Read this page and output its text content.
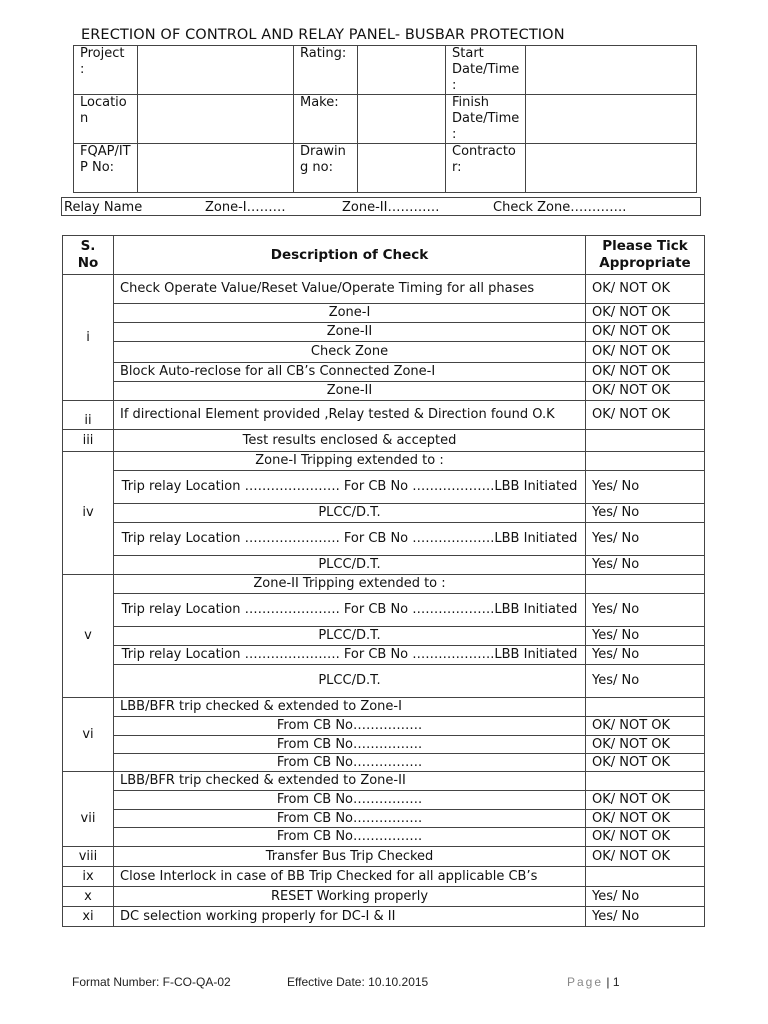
ERECTION OF CONTROL AND RELAY PANEL- BUSBAR PROTECTION
Project :		Rating:		Start Date/Time :	
Location		Make:		Finish Date/Time :	
FQAP/ITP No:		Drawing no:		Contractor:	
Relay Name	Zone-I………	Zone-II…………	Check Zone………….
S. No	Description of Check	Please Tick Appropriate
i	Check Operate Value/Reset Value/Operate Timing for all phases	OK/ NOT OK
	Zone-I	OK/ NOT OK
	Zone-II	OK/ NOT OK
	Check Zone	OK/ NOT OK
	Block Auto-reclose for all CB’s Connected Zone-I	OK/ NOT OK
	Zone-II	OK/ NOT OK
ii	If directional Element provided ,Relay tested & Direction found O.K	OK/ NOT OK
iii	Test results enclosed & accepted	
iv	Zone-I Tripping extended to :	
	Trip relay Location …………………. For CB No ……………….LBB Initiated	Yes/ No
	PLCC/D.T.	Yes/ No
	Trip relay Location …………………. For CB No ……………….LBB Initiated	Yes/ No
	PLCC/D.T.	Yes/ No
v	Zone-II Tripping extended to :	
	Trip relay Location …………………. For CB No ……………….LBB Initiated	Yes/ No
	PLCC/D.T.	Yes/ No
	Trip relay Location …………………. For CB No ……………….LBB Initiated	Yes/ No
	PLCC/D.T.	Yes/ No
vi	LBB/BFR trip checked & extended to Zone-I	
	From CB No…………….	OK/ NOT OK
	From CB No…………….	OK/ NOT OK
	From CB No…………….	OK/ NOT OK
vii	LBB/BFR trip checked & extended to Zone-II	
	From CB No…………….	OK/ NOT OK
	From CB No…………….	OK/ NOT OK
	From CB No…………….	OK/ NOT OK
viii	Transfer Bus Trip Checked	OK/ NOT OK
ix	Close Interlock in case of BB Trip Checked for all applicable CB’s	
x	RESET Working properly	Yes/ No
xi	DC selection working properly for DC-I & II	Yes/ No
Format Number: F-CO-QA-02	Effective Date: 10.10.2015	Page | 1
